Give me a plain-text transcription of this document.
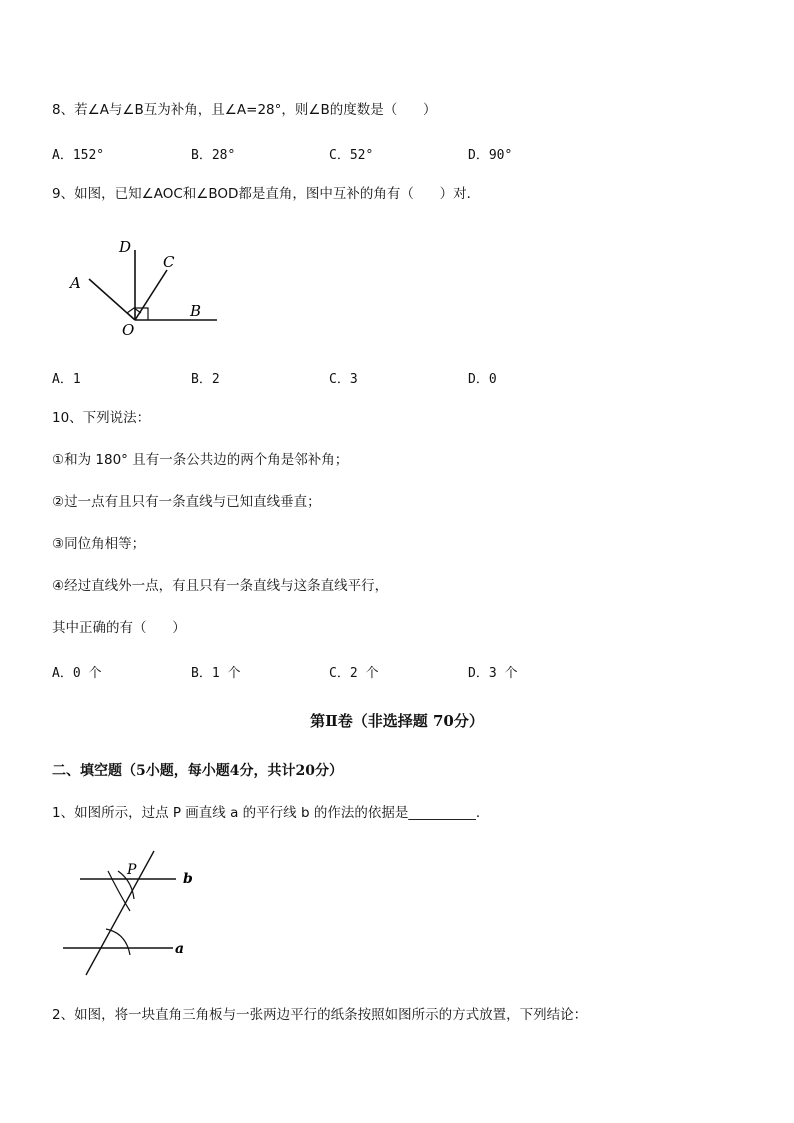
8、若∠A与∠B互为补角，且∠A=28°，则∠B的度数是（      ）
A．152°	B．28°	C．52°	D．90°
9、如图，已知∠AOC和∠BOD都是直角，图中互补的角有（      ）对．
D
C
A
B
O
A．1	B．2	C．3	D．0
10、下列说法：
①和为 180° 且有一条公共边的两个角是邻补角；
②过一点有且只有一条直线与已知直线垂直；
③同位角相等；
④经过直线外一点，有且只有一条直线与这条直线平行，
其中正确的有（      ）
A．0 个	B．1 个	C．2 个	D．3 个
第Ⅱ卷（非选择题 70分）
二、填空题（5小题，每小题4分，共计20分）
1、如图所示，过点 P 画直线 a 的平行线 b 的作法的依据是__________．
P
b
a
2、如图，将一块直角三角板与一张两边平行的纸条按照如图所示的方式放置，下列结论：
